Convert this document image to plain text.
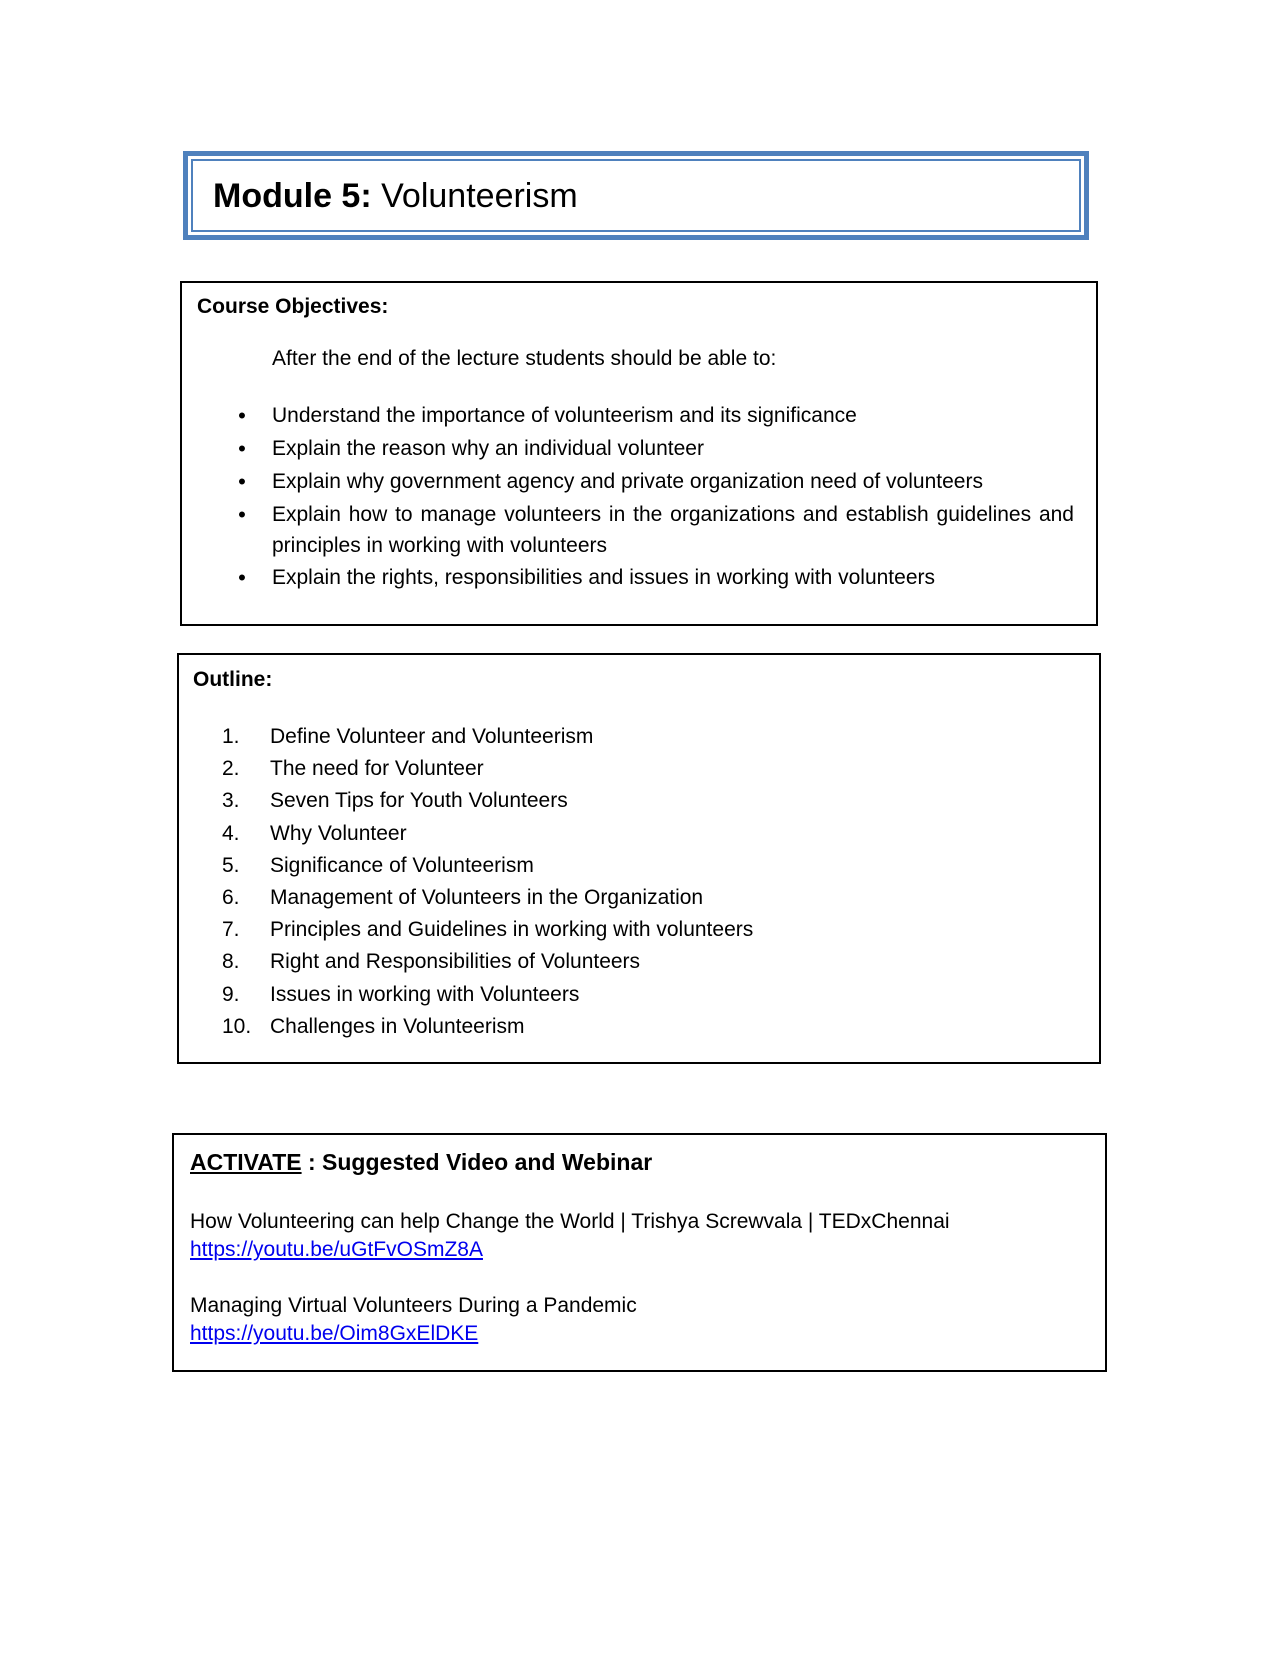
Module 5: Volunteerism
Course Objectives:
After the end of the lecture students should be able to:
• Understand the importance of volunteerism and its significance
• Explain the reason why an individual volunteer
• Explain why government agency and private organization need of volunteers
• Explain how to manage volunteers in the organizations and establish guidelines and principles in working with volunteers
• Explain the rights, responsibilities and issues in working with volunteers
Outline:
1.	Define Volunteer and Volunteerism
2.	The need for Volunteer
3.	Seven Tips for Youth Volunteers
4.	Why Volunteer
5.	Significance of Volunteerism
6.	Management of Volunteers in the Organization
7.	Principles and Guidelines in working with volunteers
8.	Right and Responsibilities of Volunteers
9.	Issues in working with Volunteers
10. Challenges in Volunteerism
ACTIVATE : Suggested Video and Webinar
How Volunteering can help Change the World | Trishya Screwvala | TEDxChennai
https://youtu.be/uGtFvOSmZ8A
Managing Virtual Volunteers During a Pandemic
https://youtu.be/Oim8GxElDKE
